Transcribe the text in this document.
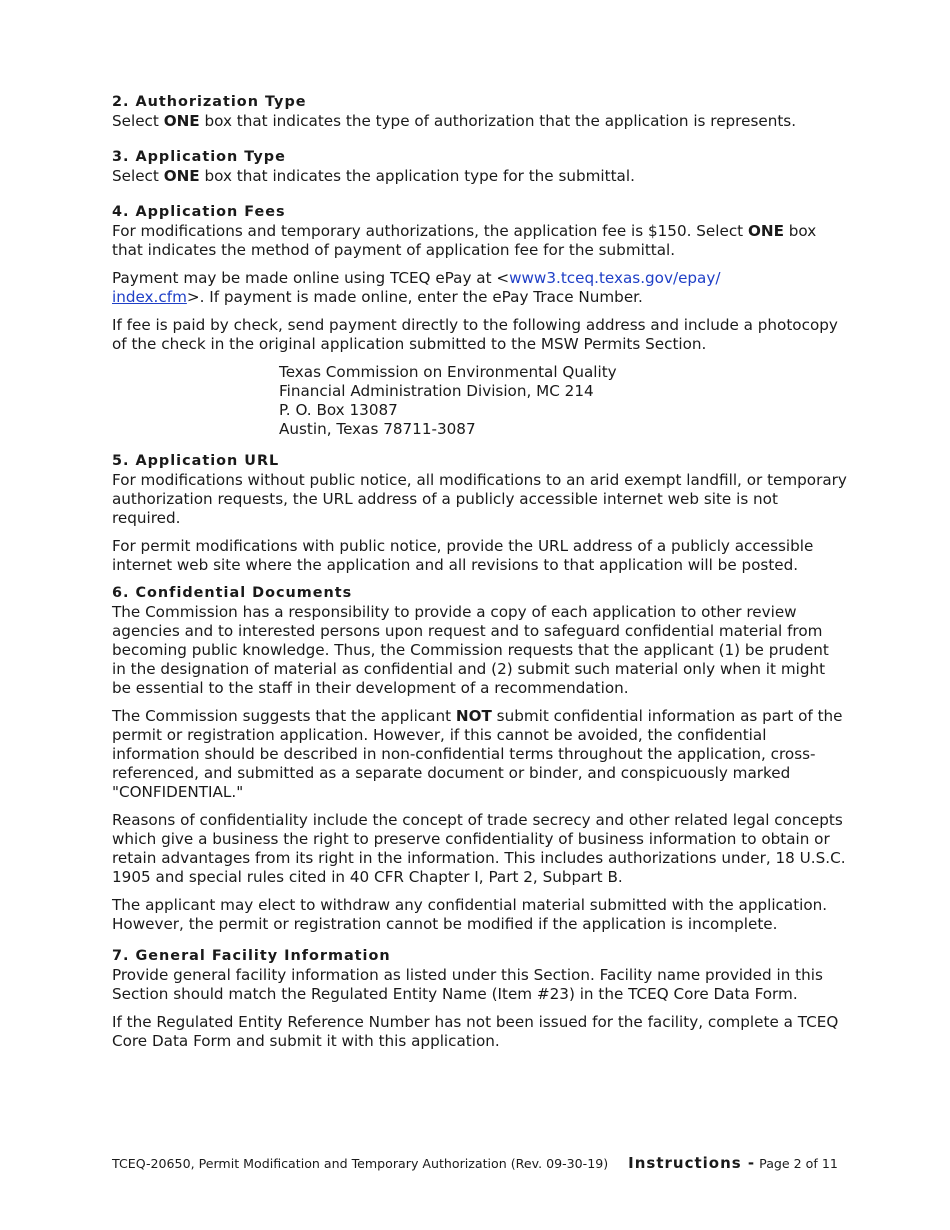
2. Authorization Type

Select ONE box that indicates the type of authorization that the application is represents.

3. Application Type

Select ONE box that indicates the application type for the submittal.

4. Application Fees

For modifications and temporary authorizations, the application fee is $150. Select ONE box that indicates the method of payment of application fee for the submittal.

Payment may be made online using TCEQ ePay at <www3.tceq.texas.gov/epay/
index.cfm>. If payment is made online, enter the ePay Trace Number.

If fee is paid by check, send payment directly to the following address and include a photocopy of the check in the original application submitted to the MSW Permits Section.

Texas Commission on Environmental Quality

Financial Administration Division, MC 214

P. O. Box 13087

Austin, Texas 78711-3087

5. Application URL

For modifications without public notice, all modifications to an arid exempt landfill, or temporary authorization requests, the URL address of a publicly accessible internet web site is not required.

For permit modifications with public notice, provide the URL address of a publicly accessible internet web site where the application and all revisions to that application will be posted.

6. Confidential Documents

The Commission has a responsibility to provide a copy of each application to other review agencies and to interested persons upon request and to safeguard confidential material from becoming public knowledge. Thus, the Commission requests that the applicant (1) be prudent in the designation of material as confidential and (2) submit such material only when it might be essential to the staff in their development of a recommendation.

The Commission suggests that the applicant NOT submit confidential information as part of the permit or registration application. However, if this cannot be avoided, the confidential information should be described in non-confidential terms throughout the application, cross-referenced, and submitted as a separate document or binder, and conspicuously marked "CONFIDENTIAL."

Reasons of confidentiality include the concept of trade secrecy and other related legal concepts which give a business the right to preserve confidentiality of business information to obtain or retain advantages from its right in the information. This includes authorizations under, 18 U.S.C. 1905 and special rules cited in 40 CFR Chapter I, Part 2, Subpart B.

The applicant may elect to withdraw any confidential material submitted with the application. However, the permit or registration cannot be modified if the application is incomplete.

7. General Facility Information

Provide general facility information as listed under this Section. Facility name provided in this Section should match the Regulated Entity Name (Item #23) in the TCEQ Core Data Form.

If the Regulated Entity Reference Number has not been issued for the facility, complete a TCEQ Core Data Form and submit it with this application.

TCEQ-20650, Permit Modification and Temporary Authorization (Rev. 09-30-19) Instructions - Page 2 of 11
